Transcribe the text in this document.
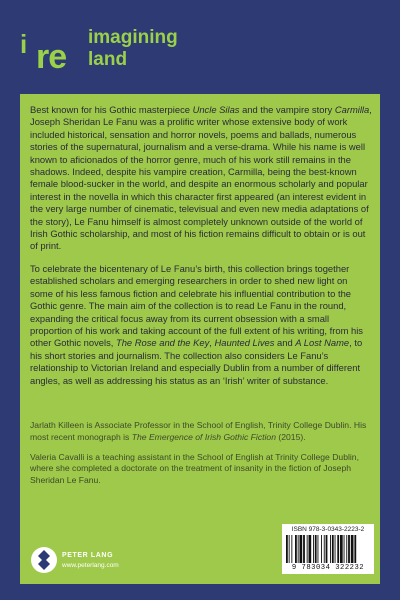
i re
imagining
land

Best known for his Gothic masterpiece Uncle Silas and the vampire story Carmilla, Joseph Sheridan Le Fanu was a prolific writer whose extensive body of work included historical, sensation and horror novels, poems and ballads, numerous stories of the supernatural, journalism and a verse-drama. While his name is well known to aficionados of the horror genre, much of his work still remains in the shadows. Indeed, despite his vampire creation, Carmilla, being the best-known female blood-sucker in the world, and despite an enormous scholarly and popular interest in the novella in which this character first appeared (an interest evident in the very large number of cinematic, televisual and even new media adaptations of the story), Le Fanu himself is almost completely unknown outside of the world of Irish Gothic scholarship, and most of his fiction remains difficult to obtain or is out of print.

To celebrate the bicentenary of Le Fanu’s birth, this collection brings together established scholars and emerging researchers in order to shed new light on some of his less famous fiction and celebrate his influential contribution to the Gothic genre. The main aim of the collection is to read Le Fanu in the round, expanding the critical focus away from its current obsession with a small proportion of his work and taking account of the full extent of his writing, from his other Gothic novels, The Rose and the Key, Haunted Lives and A Lost Name, to his short stories and journalism. The collection also considers Le Fanu’s relationship to Victorian Ireland and especially Dublin from a number of different angles, as well as addressing his status as an ‘Irish’ writer of substance.

Jarlath Killeen is Associate Professor in the School of English, Trinity College Dublin. His most recent monograph is The Emergence of Irish Gothic Fiction (2015).

Valeria Cavalli is a teaching assistant in the School of English at Trinity College Dublin, where she completed a doctorate on the treatment of insanity in the fiction of Joseph Sheridan Le Fanu.

PETER LANG
www.peterlang.com
ISBN 978-3-0343-2223-2
9 783034 322232
